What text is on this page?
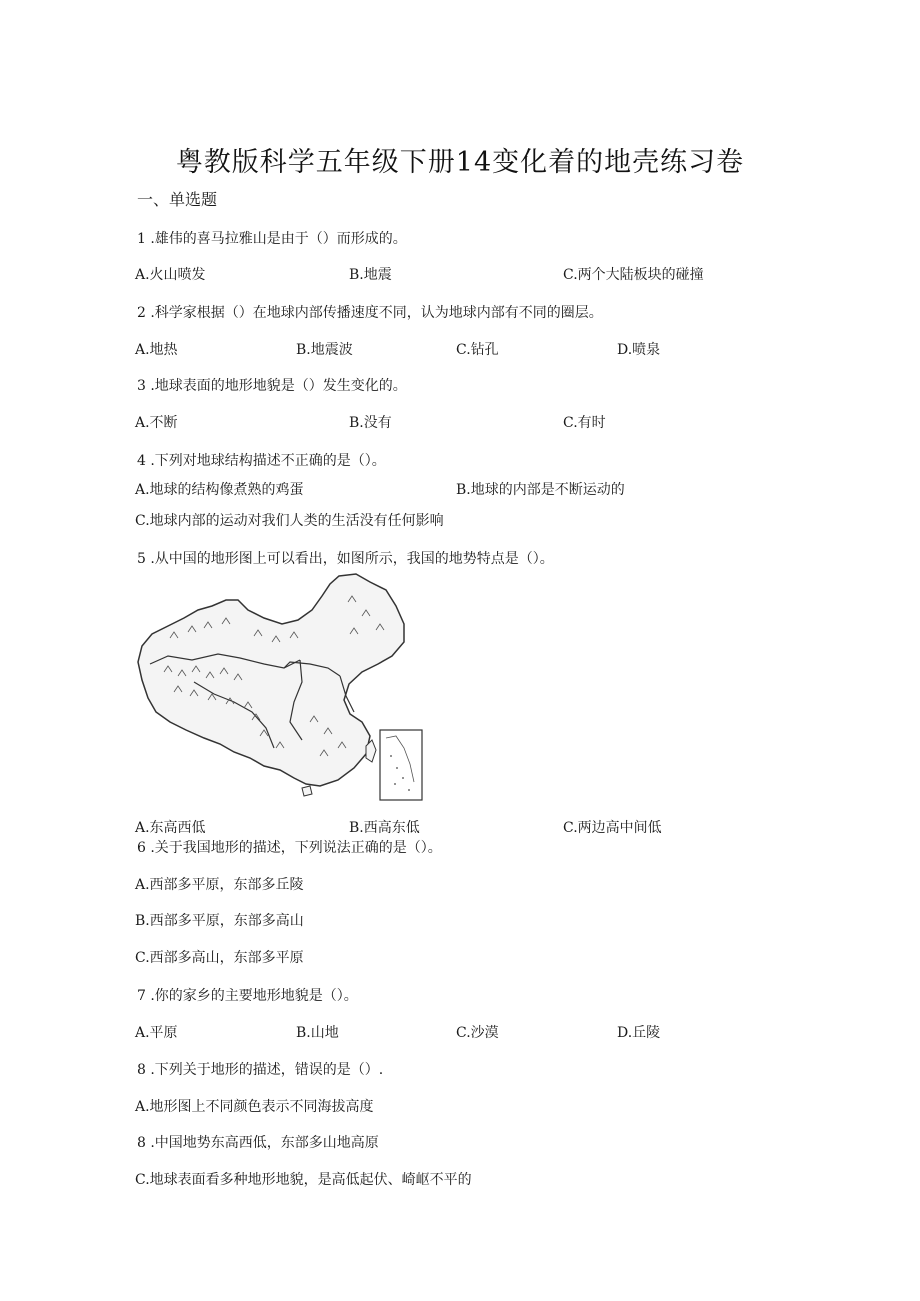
粤教版科学五年级下册14变化着的地壳练习卷
一、单选题
1 .雄伟的喜马拉雅山是由于（）而形成的。
A.火山喷发	B.地震	C.两个大陆板块的碰撞
2 .科学家根据（）在地球内部传播速度不同，认为地球内部有不同的圈层。
A.地热	B.地震波	C.钻孔	D.喷泉
3 .地球表面的地形地貌是（）发生变化的。
A.不断	B.没有	C.有时
4 .下列对地球结构描述不正确的是（）。
A.地球的结构像煮熟的鸡蛋	B.地球的内部是不断运动的
C.地球内部的运动对我们人类的生活没有任何影响
5 .从中国的地形图上可以看出，如图所示，我国的地势特点是（）。
A.东高西低	B.西高东低	C.两边高中间低
6 .关于我国地形的描述，下列说法正确的是（）。
A.西部多平原，东部多丘陵
B.西部多平原，东部多高山
C.西部多高山，东部多平原
7 .你的家乡的主要地形地貌是（）。
A.平原	B.山地	C.沙漠	D.丘陵
8 .下列关于地形的描述，错误的是（）.
A.地形图上不同颜色表示不同海拔高度
8 .中国地势东高西低，东部多山地高原
C.地球表面看多种地形地貌，是高低起伏、崎岖不平的
